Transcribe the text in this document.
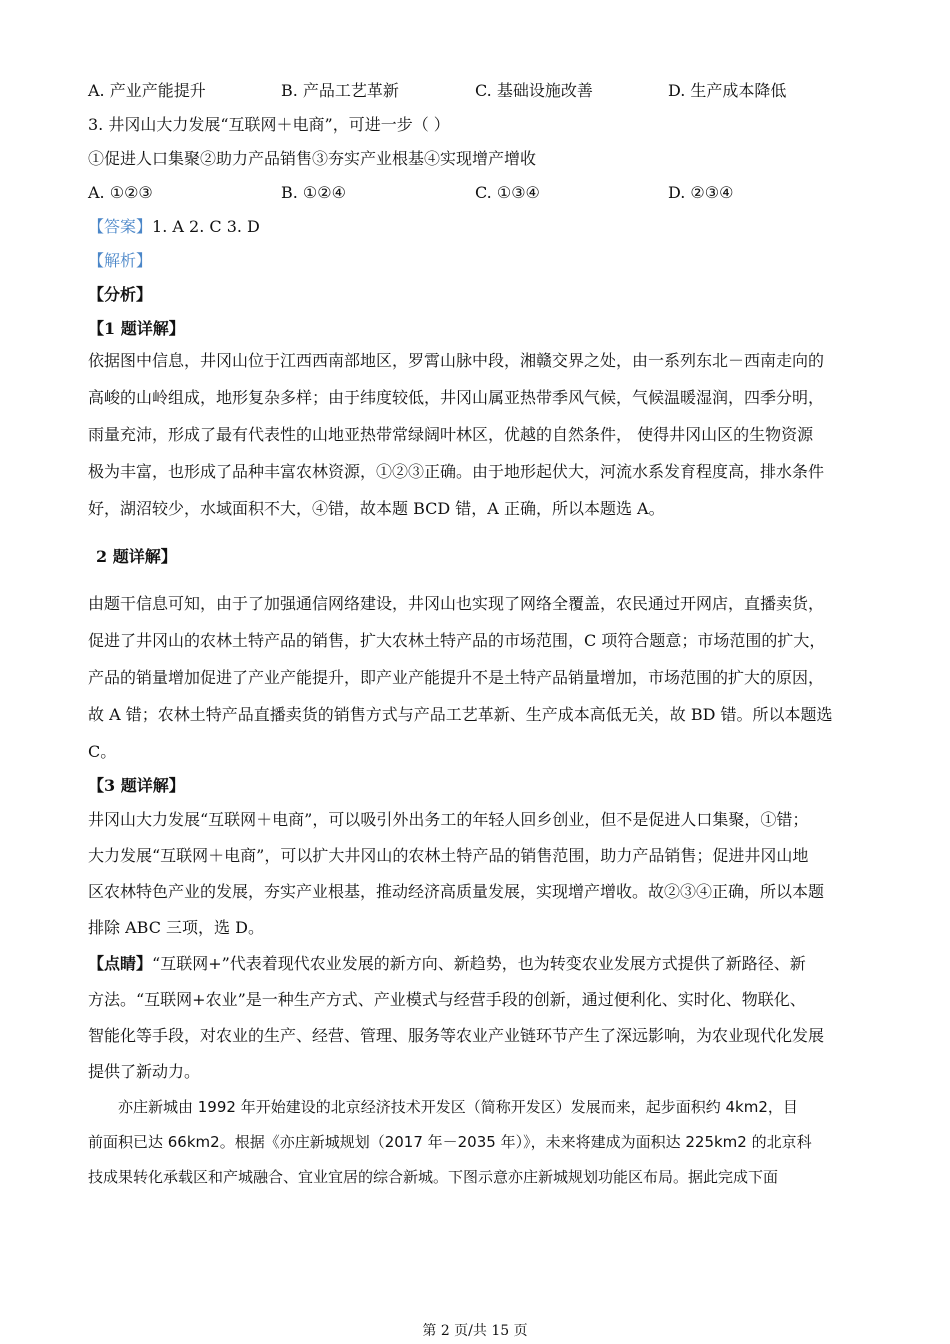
A. 产业产能提升	B. 产品工艺革新	C. 基础设施改善	D. 生产成本降低
3. 井冈山大力发展“互联网＋电商”，可进一步（ ）
①促进人口集聚②助力产品销售③夯实产业根基④实现增产增收
A. ①②③	B. ①②④	C. ①③④	D. ②③④
【答案】1. A 2. C 3. D
【解析】
【分析】
【1 题详解】
依据图中信息，井冈山位于江西西南部地区，罗霄山脉中段，湘赣交界之处，由一系列东北－西南走向的
高峻的山岭组成，地形复杂多样；由于纬度较低，井冈山属亚热带季风气候，气候温暖湿润，四季分明，
雨量充沛，形成了最有代表性的山地亚热带常绿阔叶林区，优越的自然条件， 使得井冈山区的生物资源
极为丰富，也形成了品种丰富农林资源，①②③正确。由于地形起伏大，河流水系发育程度高，排水条件
好，湖沼较少，水域面积不大，④错，故本题 BCD 错，A 正确，所以本题选 A。
2 题详解】
由题干信息可知，由于了加强通信网络建设，井冈山也实现了网络全覆盖，农民通过开网店，直播卖货，
促进了井冈山的农林土特产品的销售，扩大农林土特产品的市场范围，C 项符合题意；市场范围的扩大，
产品的销量增加促进了产业产能提升，即产业产能提升不是土特产品销量增加，市场范围的扩大的原因，
故 A 错；农林土特产品直播卖货的销售方式与产品工艺革新、生产成本高低无关，故 BD 错。所以本题选
C。
【3 题详解】
井冈山大力发展“互联网＋电商”，可以吸引外出务工的年轻人回乡创业，但不是促进人口集聚，①错；
大力发展“互联网＋电商”，可以扩大井冈山的农林土特产品的销售范围，助力产品销售；促进井冈山地
区农林特色产业的发展，夯实产业根基，推动经济高质量发展，实现增产增收。故②③④正确，所以本题
排除 ABC 三项，选 D。
【点睛】“互联网+”代表着现代农业发展的新方向、新趋势，也为转变农业发展方式提供了新路径、新
方法。“互联网+农业”是一种生产方式、产业模式与经营手段的创新，通过便利化、实时化、物联化、
智能化等手段，对农业的生产、经营、管理、服务等农业产业链环节产生了深远影响，为农业现代化发展
提供了新动力。
亦庄新城由 1992 年开始建设的北京经济技术开发区（简称开发区）发展而来，起步面积约 4km2，目
前面积已达 66km2。根据《亦庄新城规划（2017 年－2035 年）》，未来将建成为面积达 225km2 的北京科
技成果转化承载区和产城融合、宜业宜居的综合新城。下图示意亦庄新城规划功能区布局。据此完成下面
第 2 页/共 15 页
